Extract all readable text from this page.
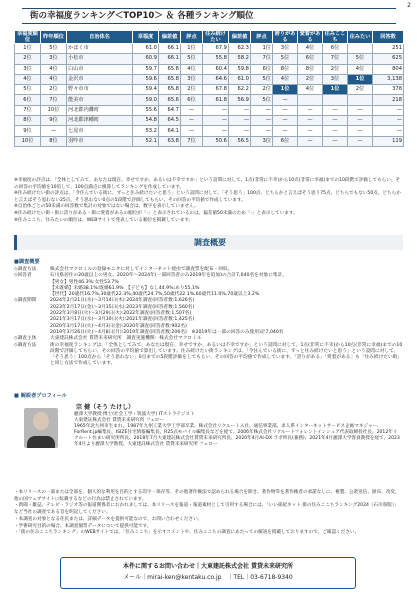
2
街の幸福度ランキング＜TOP10＞ ＆ 各種ランキング順位
幸福度順位	昨年順位	自治体名	幸福度	偏差値	評点	住み続けたい	偏差値	評点	誇りがある	愛着がある	住みここち	住みたい	回答数
1位	5位	かほく市	61.0	66.1	1位	67.9	62.3	1位	3位	4位	6位		251
2位	3位	小松市	60.9	66.1	5位	55.8	58.2	7位	5位	6位	7位	5位	625
3位	4位	白山市	59.7	65.8	4位	60.4	59.8	6位	8位	8位	2位	4位	804
4位	4位	金沢市	59.6	65.8	3位	64.6	61.0	5位	4位	2位	3位	1位	3,138
5位	2位	野々市市	59.4	65.8	2位	67.8	62.2	2位	1位	4位	1位	2位	378
6位	7位	能美市	59.0	65.6	6位	61.8	56.9	5位	—				218
7位	10位	河北郡内灘町	55.6	64.7	—	—	—	—	—	—	—	—	—
8位	9位	河北郡津幡町	54.8	64.5	—	—	—	—	—	—	—	—	—
9位	—	七尾市	53.2	64.1	—	—	—	—	—	—	—	—	—
10位	8位	羽咋市	52.1	63.8	7位	50.6	56.5	3位	6位	—	—	—	119
※幸福度の評点は、「全体としてみて、あなたは現在、幸せですか、あるいは不幸ですか」という設問に対して、1点(非常に不幸)から10点(非常に幸福)までの10段階で評価してもらい、その回答の平均値を10倍して、100点満点に換算してランキングを作成しています。
※住み続けたい街の評点は、「今住んでいる街に、ずっと住み続けたいと思う」という設問に対して、「そう思う」100点、どちらかと言えばそう思う75点、どちらでもない50点、どちらかと言えばそう思わない25点、そう思わない0点の5段階で評価してもらい、その回答の平均値で作成しています。
※自治体ごとの50未満の回答数で集計の対象ではない場合は、数字を表示していません。
※住み続けたい街・街に誇りがある・街に愛着があるの順位が「-」と表示されているのは、偏差値50未満のため「-」と表示しています。
※住みここち、住みたいの順位は、WEBサイトで発表している順位を掲載しています。
調査概要
■調査概要
◇調査方法	株式会社マクロミルの登録モニタに対してインターネット経由で調査票を配布・回収。
◇回答者	石川県居住の20歳以上の男女。2020年～2024年(一部回答者のみ2019年を追加)の合計7,040名を対象に集計。
【男女】男性46.3%:女性53.7%
【未既婚】未婚38.1%:既婚61.9%　【子ども】なし44.9%:あり55.1%
【世代】20歳代16.7%,30歳代22.3%,40歳代24.7%,50歳代22.1%,60歳代11.0%,70歳以上3.2%
◇調査期間	2024年2月21日(水)～3月14日(木):2024年調査(回答者数:1,626名)
2023年2月17日(金)～3月15日(水):2023年調査(回答者数:1,560名)
2022年3月8日(火)～3月29日(火):2022年調査(回答者数:1,507名)
2021年3月17日(水)～3月30日(火):2021年調査(回答者数:1,425名)
2020年3月17日(火)～4月3日(金):2020年調査(回答者数:902名)
2019年3月26日(火)～4月8日(月):2019年調査(回答者数:206名)　※2019年は一部の回答のみ使用)計7,040名
◇調査主体	大東建託株式会社 賃貸未来研究所　調査実施機関：株式会社マクロミル
◇調査方法	街の幸福度ランキングは、「全体としてみて、あなたは現在、幸せですか、あるいは不幸ですか」という設問に対して、1点(非常に不幸)から10点(非常に幸福)までの10段階で評価してもらい、その回答の平均値で算出しています。住み続けたい街ランキングは、「今住んでいる街に、ずっと住み続けたいと思う」という設問に対して、「そう思う」100点から「そう思わない」0点までの5段階評価をしてもらい、その回答の平均値で作成しています。「誇りがある」「愛着がある」も「住み続けたい街」と同じ方法で作成しています。
■ 解説者プロフィール
宗 健（そう たけし）
麗澤大学教授 博士(社会工学・筑波大学) ITストラテジスト
大東建託株式会社 賃貸未来研究所 フェロー
1965年北九州市生まれ。1987年九州工業大学工学部卒業、株式会社リクルート入社。通信事業部、求人系インターネットサービス企画マネジャー、ForRent.jp編集長、ISIZE住宅情報編集長、R25式モバイル編集長などを経て、2006年株式会社リクルートフォレントインシュア代表取締役社長。2012年リクルート住まい研究所所長、2018年7月大東建託株式会社賃貸未来研究所長、2020年4月AI-DX ラボ所長(兼務)、2021年4月麗澤大学客員教授を経て、2023年4月より麗澤大学教授、大東建託株式会社 賃貸未来研究所 フェロー
・本リリースの一部または全部を、個人的な利用を目的とする印字・保存等、その他著作権法で認められる場合を除き、著作物等を著作権者の承諾なしに、複製、公衆送信、頒布、改変、他の国ウェブサイトに転載するなどの行為は禁止されています。
・新聞・雑誌、テレビ・ラジオ等の報道関係者におかれましては、本リリースを報道・報道素材として引用する場合には、「いい部屋ネット 街の住みここちランキング2024（石川県版）」など当社の調査である旨を明記してください。
・本調査の対象となる住民または、詳細データを提供可能なので、お問い合わせください。
・学術研究目的の場合、本調査個票データについて提供可能です。
・「街の住みここちランキング」のWEBサイトでは、「住みここち」を示すコメントや、住みここちの調査にあたっての解説を掲載しておりますので、ご確認ください。
本件に関するお問い合わせ｜大東建託株式会社 賃貸未来研究所
メール｜mirai-ken@kentaku.co.jp　｜TEL｜03-6718-9340
